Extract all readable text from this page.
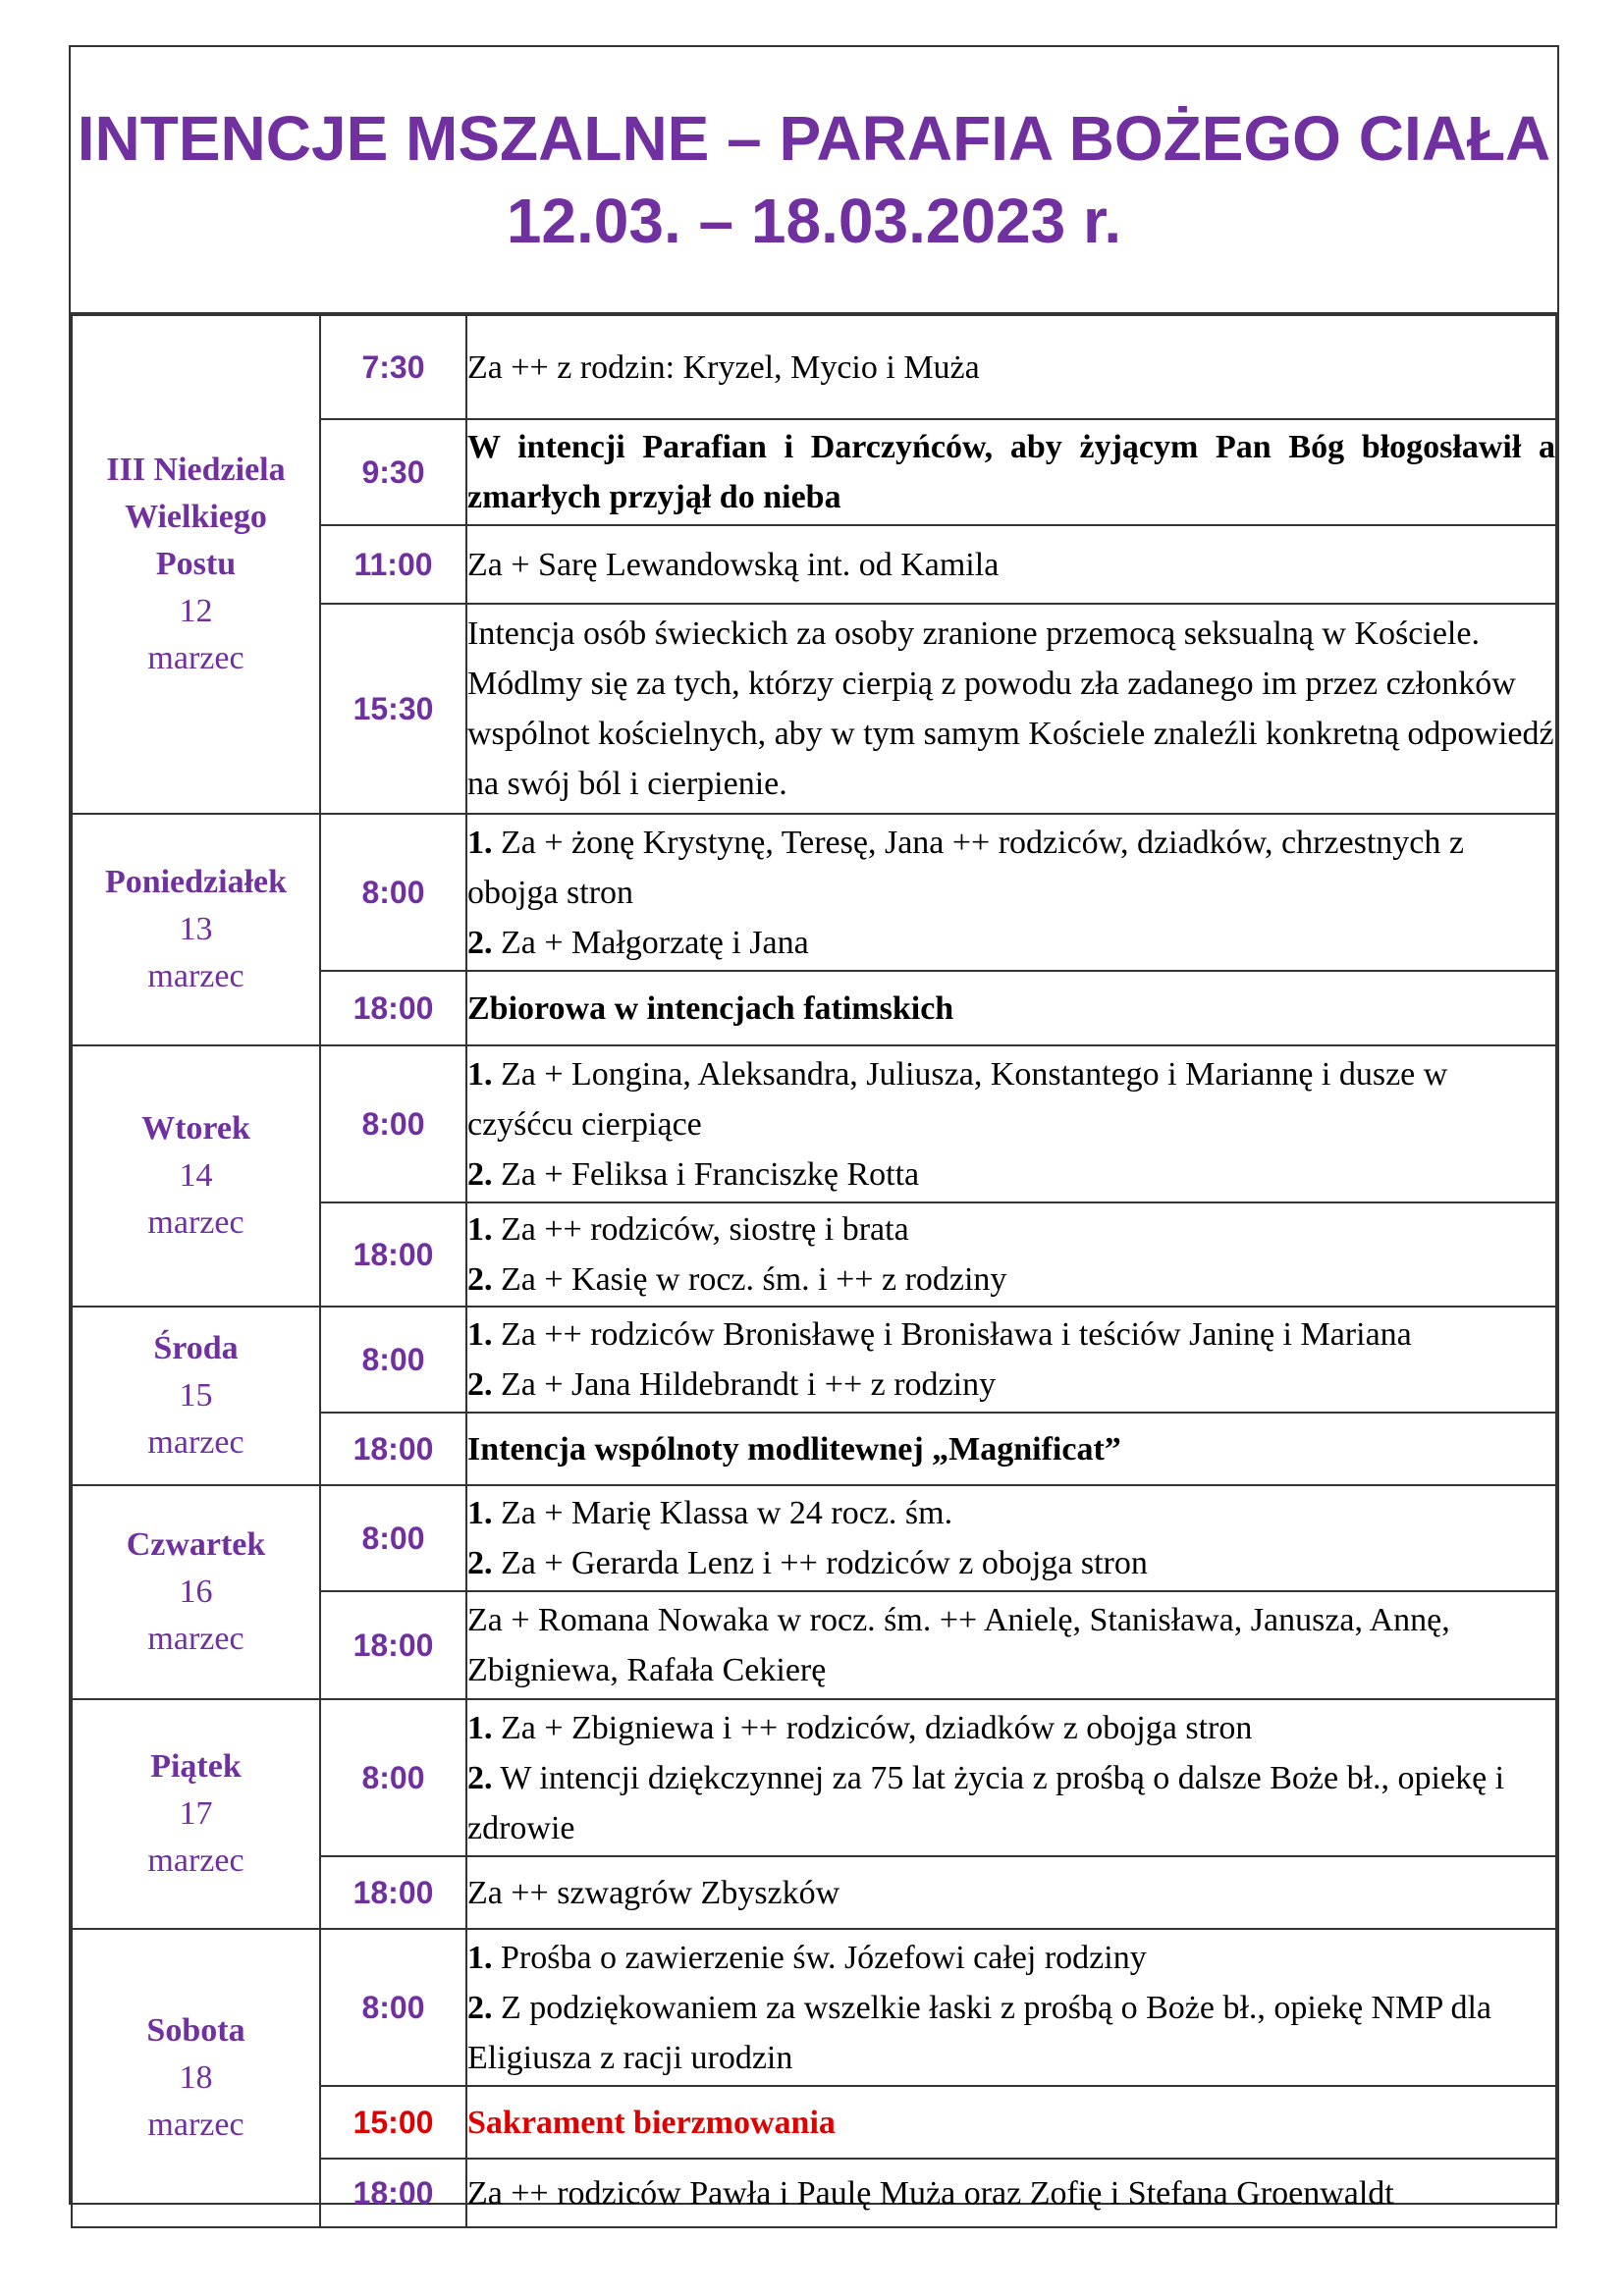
INTENCJE MSZALNE – PARAFIA BOŻEGO CIAŁA
12.03. – 18.03.2023 r.
III Niedziela
Wielkiego
Postu
12
marzec	7:30	Za ++ z rodzin: Kryzel, Mycio i Muża
	9:30	W intencji Parafian i Darczyńców, aby żyjącym Pan Bóg błogosławił a zmarłych przyjął do nieba
	11:00	Za + Sarę Lewandowską int. od Kamila
	15:30	Intencja osób świeckich za osoby zranione przemocą seksualną w Kościele. Módlmy się za tych, którzy cierpią z powodu zła zadanego im przez członków wspólnot kościelnych, aby w tym samym Kościele znaleźli konkretną odpowiedź na swój ból i cierpienie.

Poniedziałek
13
marzec	8:00	1. Za + żonę Krystynę, Teresę, Jana ++ rodziców, dziadków, chrzestnych z obojga stron
2. Za + Małgorzatę i Jana

	18:00	Zbiorowa w intencjach fatimskich

Wtorek
14
marzec	8:00	1. Za + Longina, Aleksandra, Juliusza, Konstantego i Mariannę i dusze w czyśćcu cierpiące
2. Za + Feliksa i Franciszkę Rotta

	18:00	1. Za ++ rodziców, siostrę i brata
2. Za + Kasię w rocz. śm. i ++ z rodziny

Środa
15
marzec	8:00	1. Za ++ rodziców Bronisławę i Bronisława i teściów Janinę i Mariana
2. Za + Jana Hildebrandt i ++ z rodziny

	18:00	Intencja wspólnoty modlitewnej „Magnificat”

Czwartek
16
marzec	8:00	1. Za + Marię Klassa w 24 rocz. śm.
2. Za + Gerarda Lenz i ++ rodziców z obojga stron

	18:00	Za + Romana Nowaka w rocz. śm. ++ Anielę, Stanisława, Janusza, Annę, Zbigniewa, Rafała Cekierę

Piątek
17
marzec	8:00	1. Za + Zbigniewa i ++ rodziców, dziadków z obojga stron
2. W intencji dziękczynnej za 75 lat życia z prośbą o dalsze Boże bł., opiekę i zdrowie

	18:00	Za ++ szwagrów Zbyszków

Sobota
18
marzec	8:00	1. Prośba o zawierzenie św. Józefowi całej rodziny
2. Z podziękowaniem za wszelkie łaski z prośbą o Boże bł., opiekę NMP dla Eligiusza z racji urodzin

	15:00	Sakrament bierzmowania
	18:00	Za ++ rodziców Pawła i Paulę Muża oraz Zofię i Stefana Groenwaldt
